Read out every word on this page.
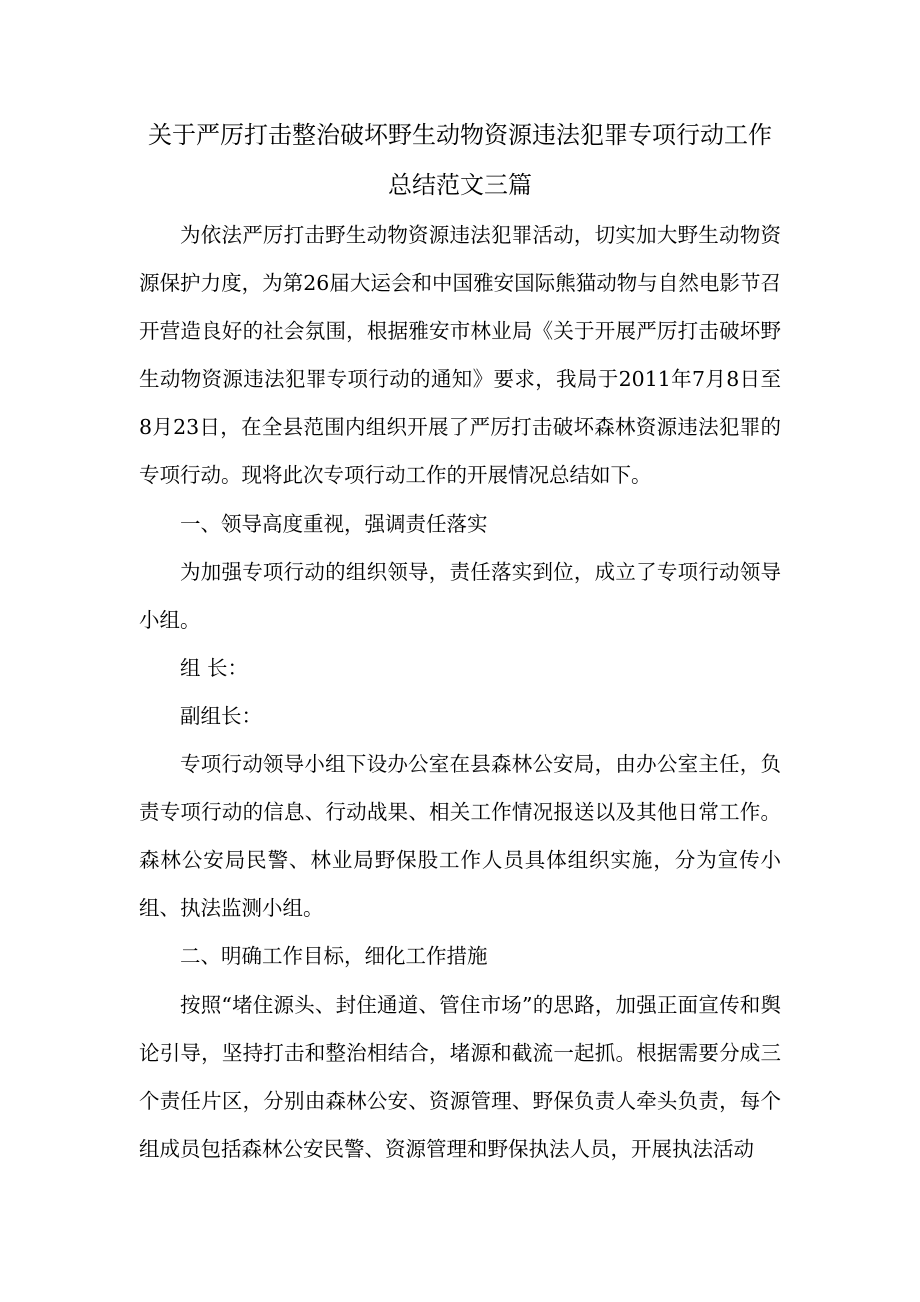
关于严厉打击整治破坏野生动物资源违法犯罪专项行动工作
总结范文三篇

为依法严厉打击野生动物资源违法犯罪活动，切实加大野生动物资源保护力度，为第26届大运会和中国雅安国际熊猫动物与自然电影节召开营造良好的社会氛围，根据雅安市林业局《关于开展严厉打击破坏野生动物资源违法犯罪专项行动的通知》要求，我局于2011年7月8日至8月23日，在全县范围内组织开展了严厉打击破坏森林资源违法犯罪的专项行动。现将此次专项行动工作的开展情况总结如下。

一、领导高度重视，强调责任落实

为加强专项行动的组织领导，责任落实到位，成立了专项行动领导小组。

组 长：

副组长：

专项行动领导小组下设办公室在县森林公安局，由办公室主任，负责专项行动的信息、行动战果、相关工作情况报送以及其他日常工作。森林公安局民警、林业局野保股工作人员具体组织实施，分为宣传小组、执法监测小组。

二、明确工作目标，细化工作措施

按照“堵住源头、封住通道、管住市场”的思路，加强正面宣传和舆论引导，坚持打击和整治相结合，堵源和截流一起抓。根据需要分成三个责任片区，分别由森林公安、资源管理、野保负责人牵头负责，每个组成员包括森林公安民警、资源管理和野保执法人员，开展执法活动
